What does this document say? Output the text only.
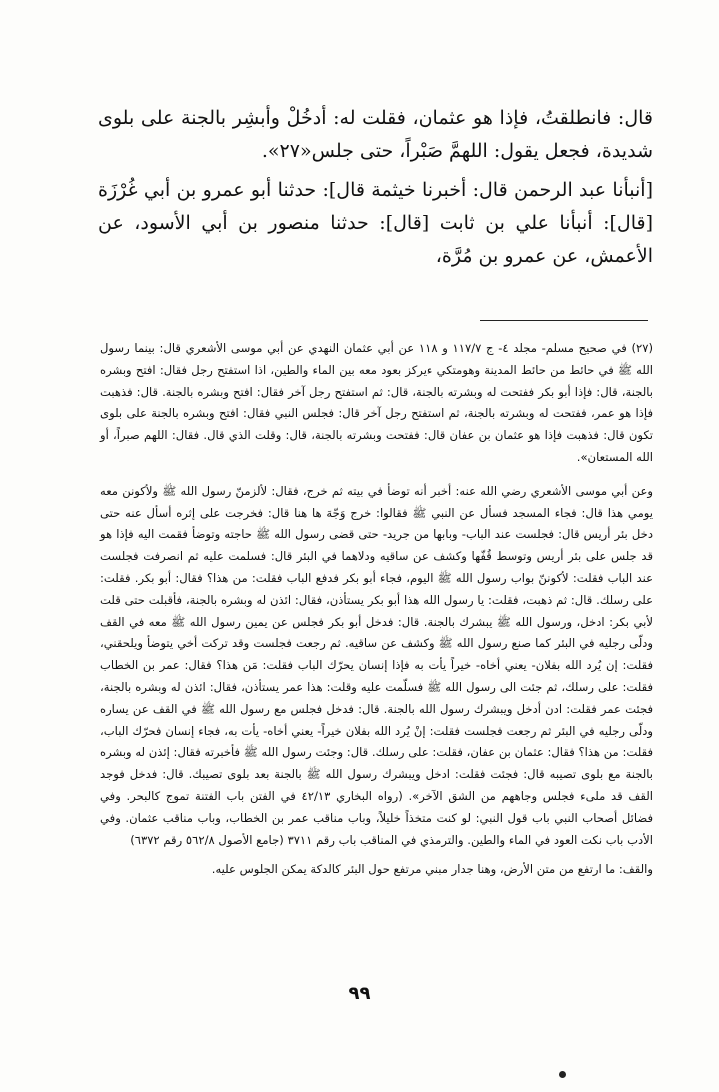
قال: فانطلقتُ، فإذا هو عثمان، فقلت له: أدخُلْ وأبشِر بالجنة على بلوى شديدة، فجعل يقول: اللهمَّ صَبْراً، حتى جلس«٢٧».

[أنبأنا عبد الرحمن قال: أخبرنا خيثمة قال]: حدثنا أبو عمرو بن أبي غُرْزَة [قال]: أنبأنا علي بن ثابت [قال]: حدثنا منصور بن أبي الأسود، عن الأعمش، عن عمرو بن مُرَّة،

(٢٧) في صحيح مسلم- مجلد ٤- ج ١١٧/٧ و ١١٨ عن أبي عثمان النهدي عن أبي موسى الأشعري قال: بينما رسول الله ﷺ في حائط من حائط المدينة وهومتكي ءيركز بعود معه بين الماء والطين، اذا استفتح رجل فقال: افتح وبشره بالجنة، قال: فإذا أبو بكر ففتحت له وبشرته بالجنة، قال: ثم استفتح رجل آخر فقال: افتح وبشره بالجنة. قال: فذهبت فإذا هو عمر، ففتحت له وبشرته بالجنة، ثم استفتح رجل آخر قال: فجلس النبي فقال: افتح وبشره بالجنة على بلوى تكون قال: فذهبت فإذا هو عثمان بن عفان قال: ففتحت وبشرته بالجنة، قال: وقلت الذي قال. فقال: اللهم صبراً، أو الله المستعان».

وعن أبي موسى الأشعري رضي الله عنه: أخبر أنه توضأ في بيته ثم خرج، فقال: لألزمنّ رسول الله ﷺ ولأكونن معه يومي هذا قال: فجاء المسجد فسأل عن النبي ﷺ فقالوا: خرج وَجّهَ ها هنا قال: فخرجت على إثره أسأل عنه حتى دخل بئر أريس قال: فجلست عند الباب- وبابها من جريد- حتى قضى رسول الله ﷺ حاجته وتوضأ فقمت اليه فإذا هو قد جلس على بئر أريس وتوسط قُفّها وكشف عن ساقيه ودلاهما في البئر قال: فسلمت عليه ثم انصرفت فجلست عند الباب فقلت: لأكوننّ بواب رسول الله ﷺ اليوم، فجاء أبو بكر فدفع الباب فقلت: من هذا؟ فقال: أبو بكر. فقلت: على رسلك. قال: ثم ذهبت، فقلت: يا رسول الله هذا أبو بكر يستأذن، فقال: ائذن له وبشره بالجنة، فأقبلت حتى قلت لأبي بكر: ادخل، ورسول الله ﷺ يبشرك بالجنة. قال: فدخل أبو بكر فجلس عن يمين رسول الله ﷺ معه في القف ودلّى رجليه في البئر كما صنع رسول الله ﷺ وكشف عن ساقيه. ثم رجعت فجلست وقد تركت أخي يتوضأ ويلحقني، فقلت: إن يُرد الله بفلان- يعني أخاه- خيراً يأت به فإذا إنسان يحرّك الباب فقلت: مَن هذا؟ فقال: عمر بن الخطاب فقلت: على رسلك، ثم جئت الى رسول الله ﷺ فسلّمت عليه وقلت: هذا عمر يستأذن، فقال: ائذن له وبشره بالجنة، فجئت عمر فقلت: ادن أدخل ويبشرك رسول الله بالجنة. قال: فدخل فجلس مع رسول الله ﷺ في القف عن يساره ودلّى رجليه في البئر ثم رجعت فجلست فقلت: إنْ يُرد الله بفلان خيراً- يعني أخاه- يأت به، فجاء إنسان فحرّك الباب، فقلت: من هذا؟ فقال: عثمان بن عفان، فقلت: على رسلك. قال: وجئت رسول الله ﷺ فأخبرته فقال: إئذن له وبشره بالجنة مع بلوى تصيبه قال: فجئت فقلت: ادخل ويبشرك رسول الله ﷺ بالجنة بعد بلوى تصيبك. قال: فدخل فوجد القف قد ملىء فجلس وجاههم من الشق الآخر». (رواه البخاري ٤٢/١٣ في الفتن باب الفتنة تموج كالبحر. وفي فضائل أصحاب النبي باب قول النبي: لو كنت متخذاً خليلاً، وباب مناقب عمر بن الخطاب، وباب مناقب عثمان. وفي الأدب باب نكت العود في الماء والطين. والترمذي في المناقب باب رقم ٣٧١١ (جامع الأصول ٥٦٢/٨ رقم ٦٣٧٢)

والقف: ما ارتفع من متن الأرض، وهنا جدار مبني مرتفع حول البئر كالدكة يمكن الجلوس عليه.

٩٩
